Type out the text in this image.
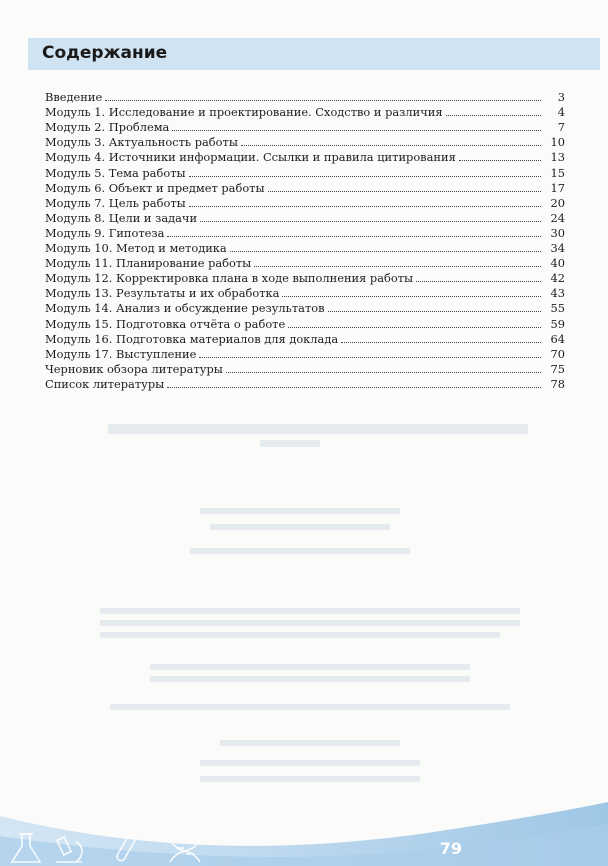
Содержание
Введение	3
Модуль 1. Исследование и проектирование. Сходство и различия	4
Модуль 2. Проблема	7
Модуль 3. Актуальность работы	10
Модуль 4. Источники информации. Ссылки и правила цитирования	13
Модуль 5. Тема работы	15
Модуль 6. Объект и предмет работы	17
Модуль 7. Цель работы	20
Модуль 8. Цели и задачи	24
Модуль 9. Гипотеза	30
Модуль 10. Метод и методика	34
Модуль 11. Планирование работы	40
Модуль 12. Корректировка плана в ходе выполнения работы	42
Модуль 13. Результаты и их обработка	43
Модуль 14. Анализ и обсуждение результатов	55
Модуль 15. Подготовка отчёта о работе	59
Модуль 16. Подготовка материалов для доклада	64
Модуль 17. Выступление	70
Черновик обзора литературы	75
Список литературы	78
79
